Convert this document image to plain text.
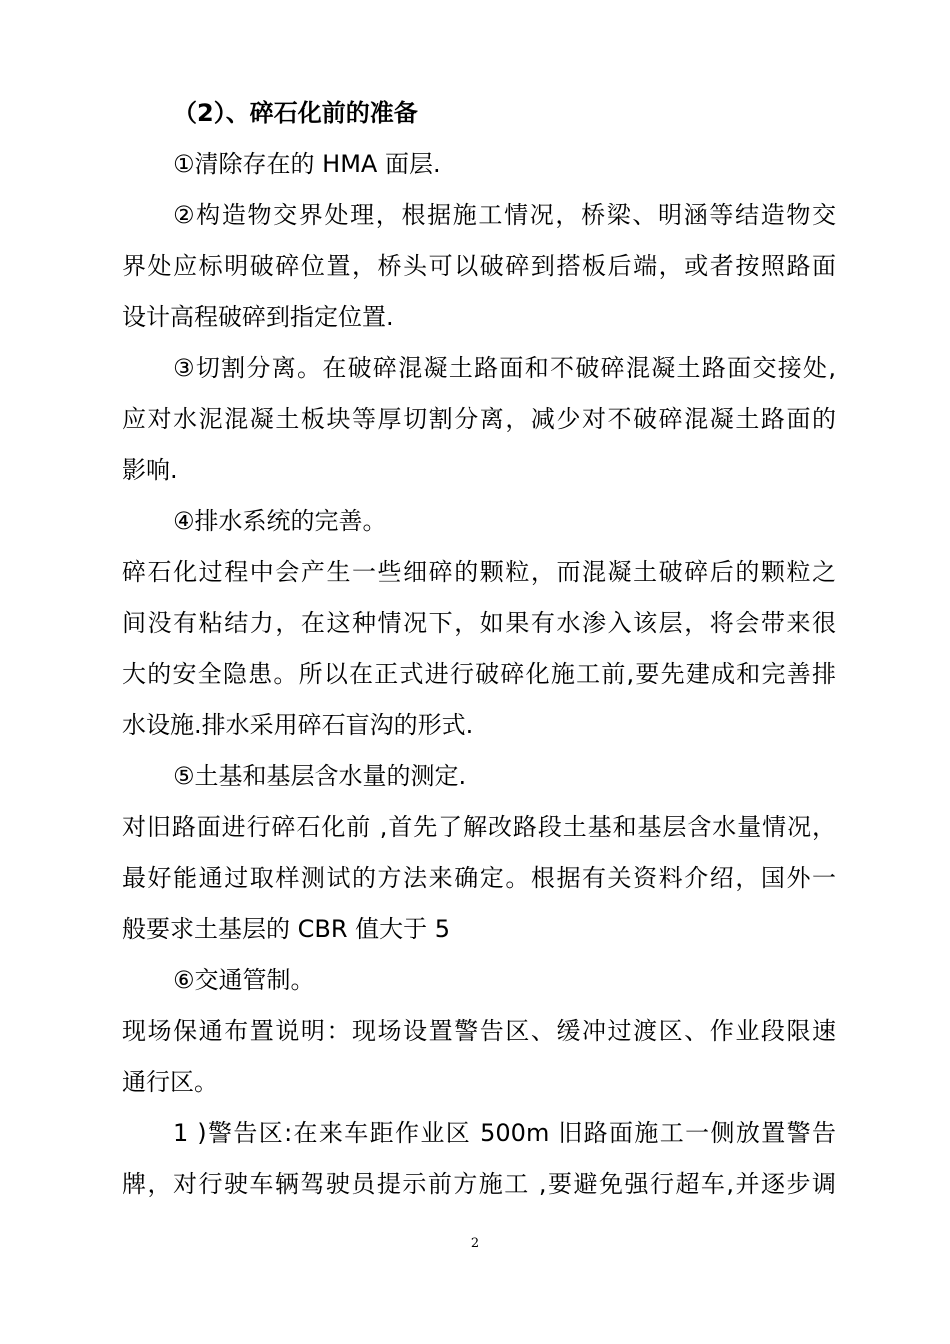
（2）、碎石化前的准备
①清除存在的 HMA 面层.
②构造物交界处理，根据施工情况，桥梁、明涵等结造物交
界处应标明破碎位置，桥头可以破碎到搭板后端，或者按照路面
设计高程破碎到指定位置.
③切割分离。在破碎混凝土路面和不破碎混凝土路面交接处,
应对水泥混凝土板块等厚切割分离，减少对不破碎混凝土路面的
影响.
④排水系统的完善。
碎石化过程中会产生一些细碎的颗粒，而混凝土破碎后的颗粒之
间没有粘结力，在这种情况下，如果有水渗入该层，将会带来很
大的安全隐患。所以在正式进行破碎化施工前,要先建成和完善排
水设施.排水采用碎石盲沟的形式.
⑤土基和基层含水量的测定.
对旧路面进行碎石化前 ,首先了解改路段土基和基层含水量情况，
最好能通过取样测试的方法来确定。根据有关资料介绍，国外一
般要求土基层的 CBR 值大于 5
⑥交通管制。
现场保通布置说明：现场设置警告区、缓冲过渡区、作业段限速
通行区。
1 )警告区:在来车距作业区 500m 旧路面施工一侧放置警告
牌，对行驶车辆驾驶员提示前方施工 ,要避免强行超车,并逐步调
2
